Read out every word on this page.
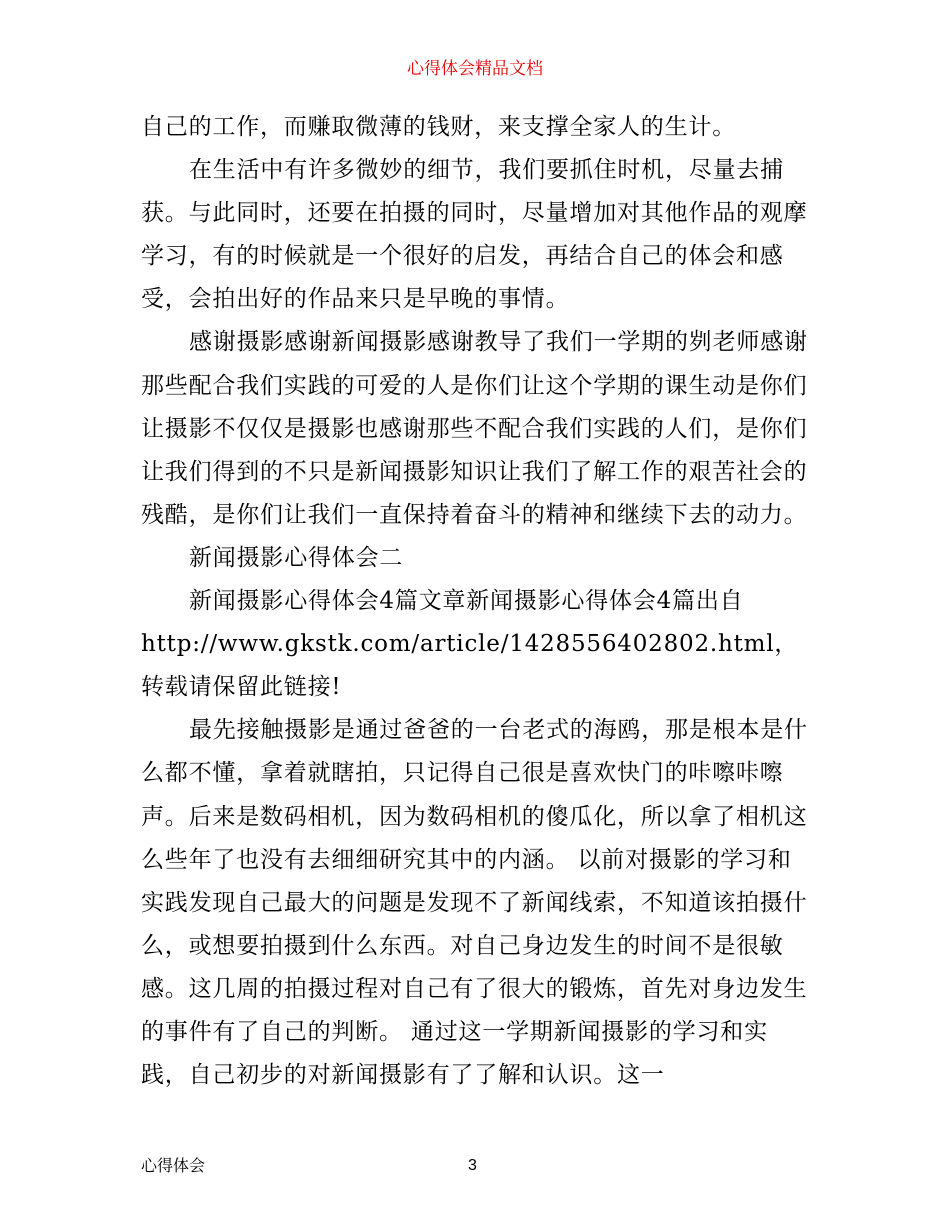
心得体会精品文档

自己的工作，而赚取微薄的钱财，来支撑全家人的生计。

在生活中有许多微妙的细节，我们要抓住时机，尽量去捕获。与此同时，还要在拍摄的同时，尽量增加对其他作品的观摩学习，有的时候就是一个很好的启发，再结合自己的体会和感受，会拍出好的作品来只是早晚的事情。

感谢摄影感谢新闻摄影感谢教导了我们一学期的刿老师感谢那些配合我们实践的可爱的人是你们让这个学期的课生动是你们让摄影不仅仅是摄影也感谢那些不配合我们实践的人们，是你们让我们得到的不只是新闻摄影知识让我们了解工作的艰苦社会的残酷，是你们让我们一直保持着奋斗的精神和继续下去的动力。

新闻摄影心得体会二

新闻摄影心得体会4篇文章新闻摄影心得体会4篇出自http://www.gkstk.com/article/1428556402802.html，转载请保留此链接!

最先接触摄影是通过爸爸的一台老式的海鸥，那是根本是什么都不懂，拿着就瞎拍，只记得自己很是喜欢快门的咔嚓咔嚓声。后来是数码相机，因为数码相机的傻瓜化，所以拿了相机这么些年了也没有去细细研究其中的内涵。 以前对摄影的学习和实践发现自己最大的问题是发现不了新闻线索，不知道该拍摄什么，或想要拍摄到什么东西。对自己身边发生的时间不是很敏感。这几周的拍摄过程对自己有了很大的锻炼，首先对身边发生的事件有了自己的判断。 通过这一学期新闻摄影的学习和实践，自己初步的对新闻摄影有了了解和认识。这一

心得体会	3
